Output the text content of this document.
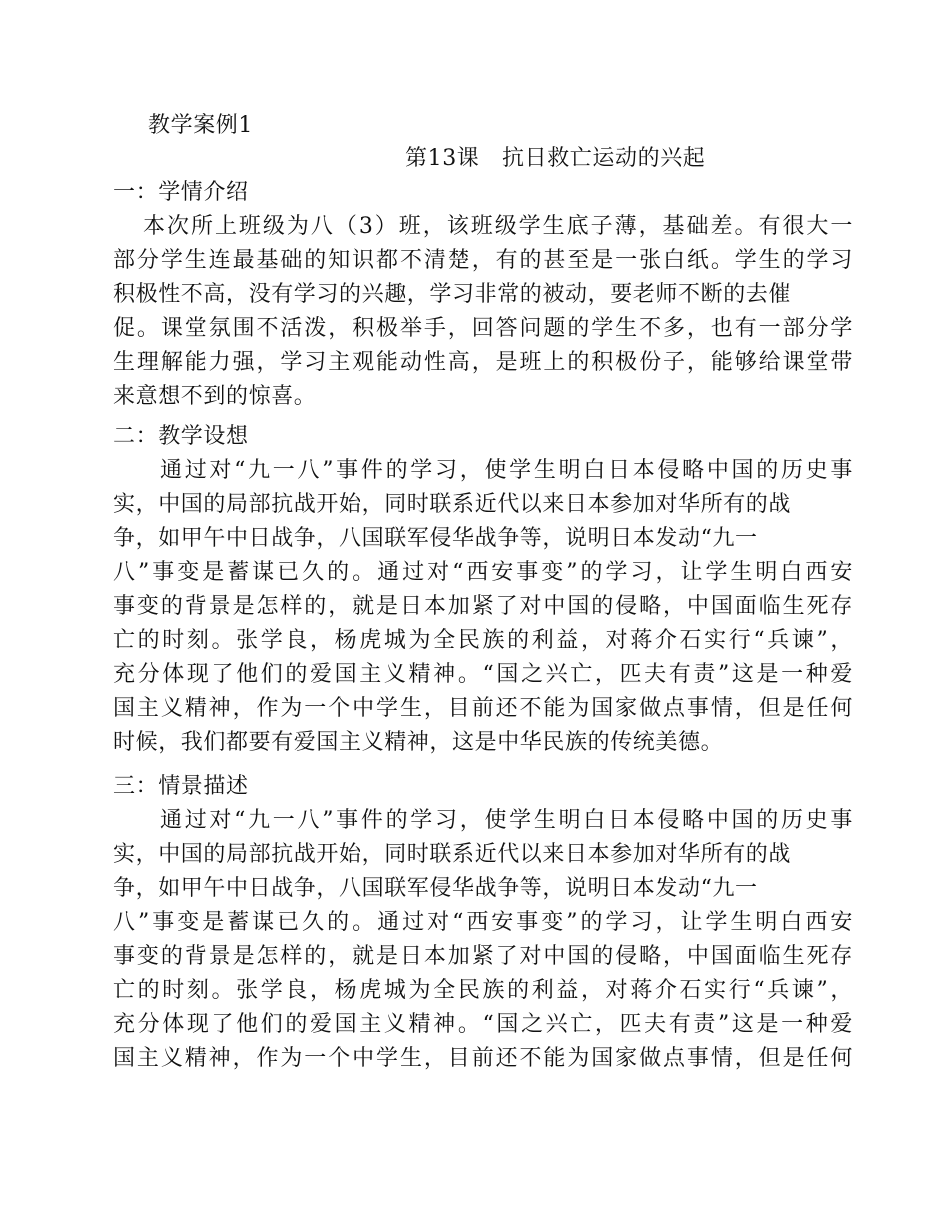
教学案例1
第13课　抗日救亡运动的兴起
一：学情介绍
本次所上班级为八（3）班，该班级学生底子薄，基础差。有很大一
部分学生连最基础的知识都不清楚，有的甚至是一张白纸。学生的学习
积极性不高，没有学习的兴趣，学习非常的被动，要老师不断的去催
促。课堂氛围不活泼，积极举手，回答问题的学生不多，也有一部分学
生理解能力强，学习主观能动性高，是班上的积极份子，能够给课堂带
来意想不到的惊喜。
二：教学设想
通过对“九一八”事件的学习，使学生明白日本侵略中国的历史事
实，中国的局部抗战开始，同时联系近代以来日本参加对华所有的战
争，如甲午中日战争，八国联军侵华战争等，说明日本发动“九一
八”事变是蓄谋已久的。通过对“西安事变”的学习，让学生明白西安
事变的背景是怎样的，就是日本加紧了对中国的侵略，中国面临生死存
亡的时刻。张学良，杨虎城为全民族的利益，对蒋介石实行“兵谏”，
充分体现了他们的爱国主义精神。“国之兴亡，匹夫有责”这是一种爱
国主义精神，作为一个中学生，目前还不能为国家做点事情，但是任何
时候，我们都要有爱国主义精神，这是中华民族的传统美德。
三：情景描述
通过对“九一八”事件的学习，使学生明白日本侵略中国的历史事
实，中国的局部抗战开始，同时联系近代以来日本参加对华所有的战
争，如甲午中日战争，八国联军侵华战争等，说明日本发动“九一
八”事变是蓄谋已久的。通过对“西安事变”的学习，让学生明白西安
事变的背景是怎样的，就是日本加紧了对中国的侵略，中国面临生死存
亡的时刻。张学良，杨虎城为全民族的利益，对蒋介石实行“兵谏”，
充分体现了他们的爱国主义精神。“国之兴亡，匹夫有责”这是一种爱
国主义精神，作为一个中学生，目前还不能为国家做点事情，但是任何
